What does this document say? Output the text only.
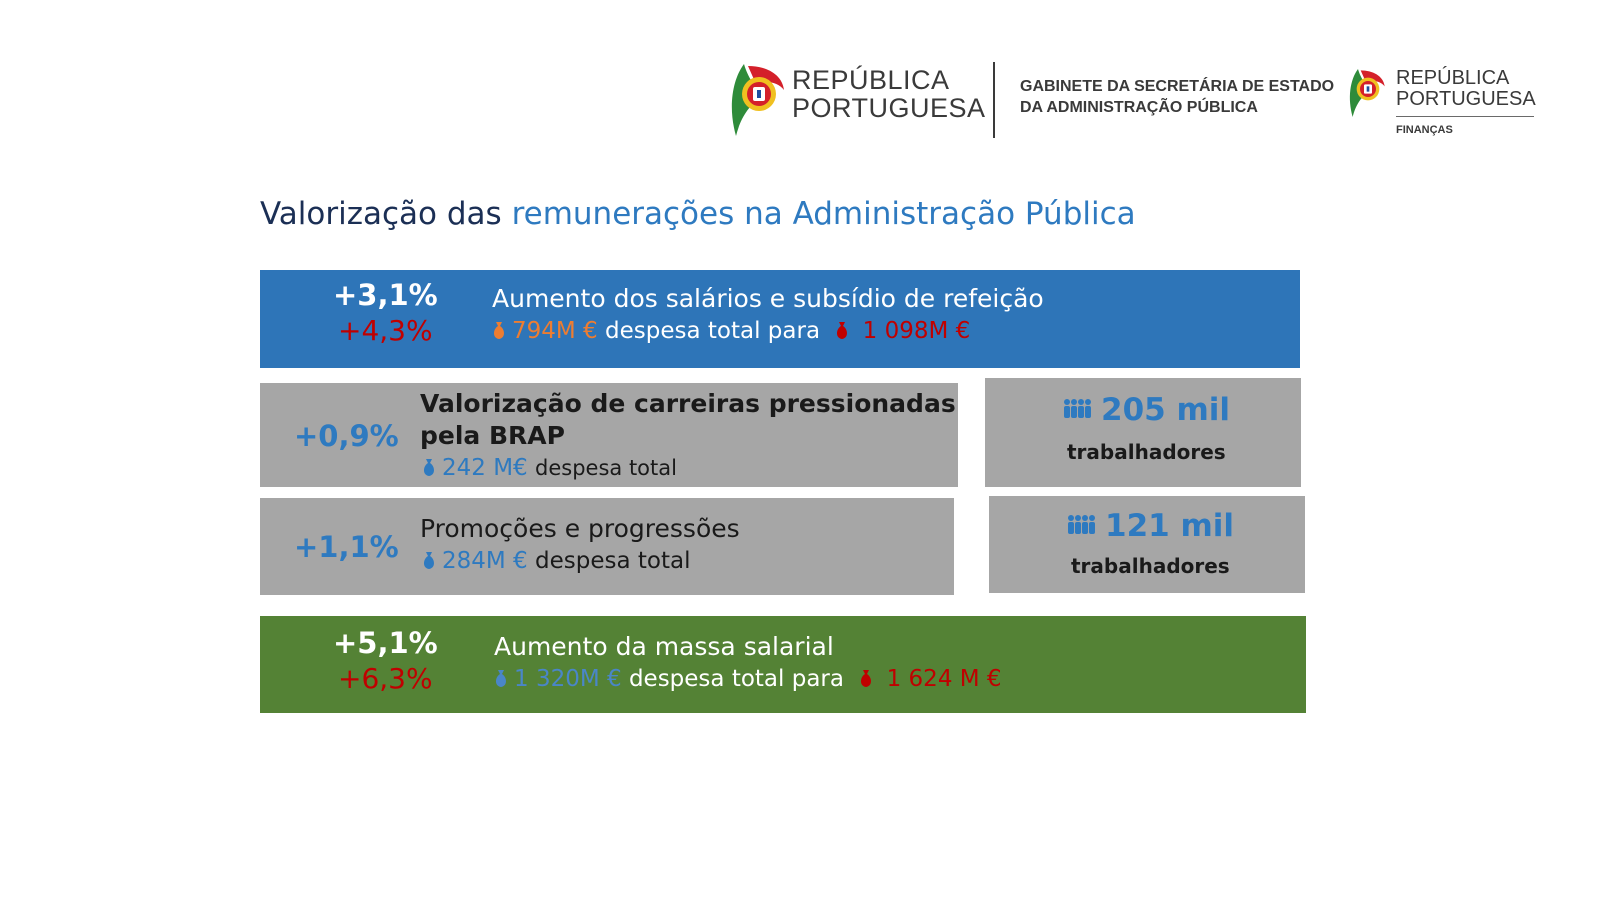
REPÚBLICA
PORTUGUESA
GABINETE DA SECRETÁRIA DE ESTADO
DA ADMINISTRAÇÃO PÚBLICA
REPÚBLICA
PORTUGUESA
FINANÇAS
Valorização das remunerações na Administração Pública
+3,1%
+4,3%
Aumento dos salários e subsídio de refeição
794M € despesa total para 1 098M €
+0,9%
Valorização de carreiras pressionadas
pela BRAP
242 M€ despesa total
205 mil
trabalhadores
+1,1%
Promoções e progressões
284M € despesa total
121 mil
trabalhadores
+5,1%
+6,3%
Aumento da massa salarial
1 320M € despesa total para 1 624 M €
